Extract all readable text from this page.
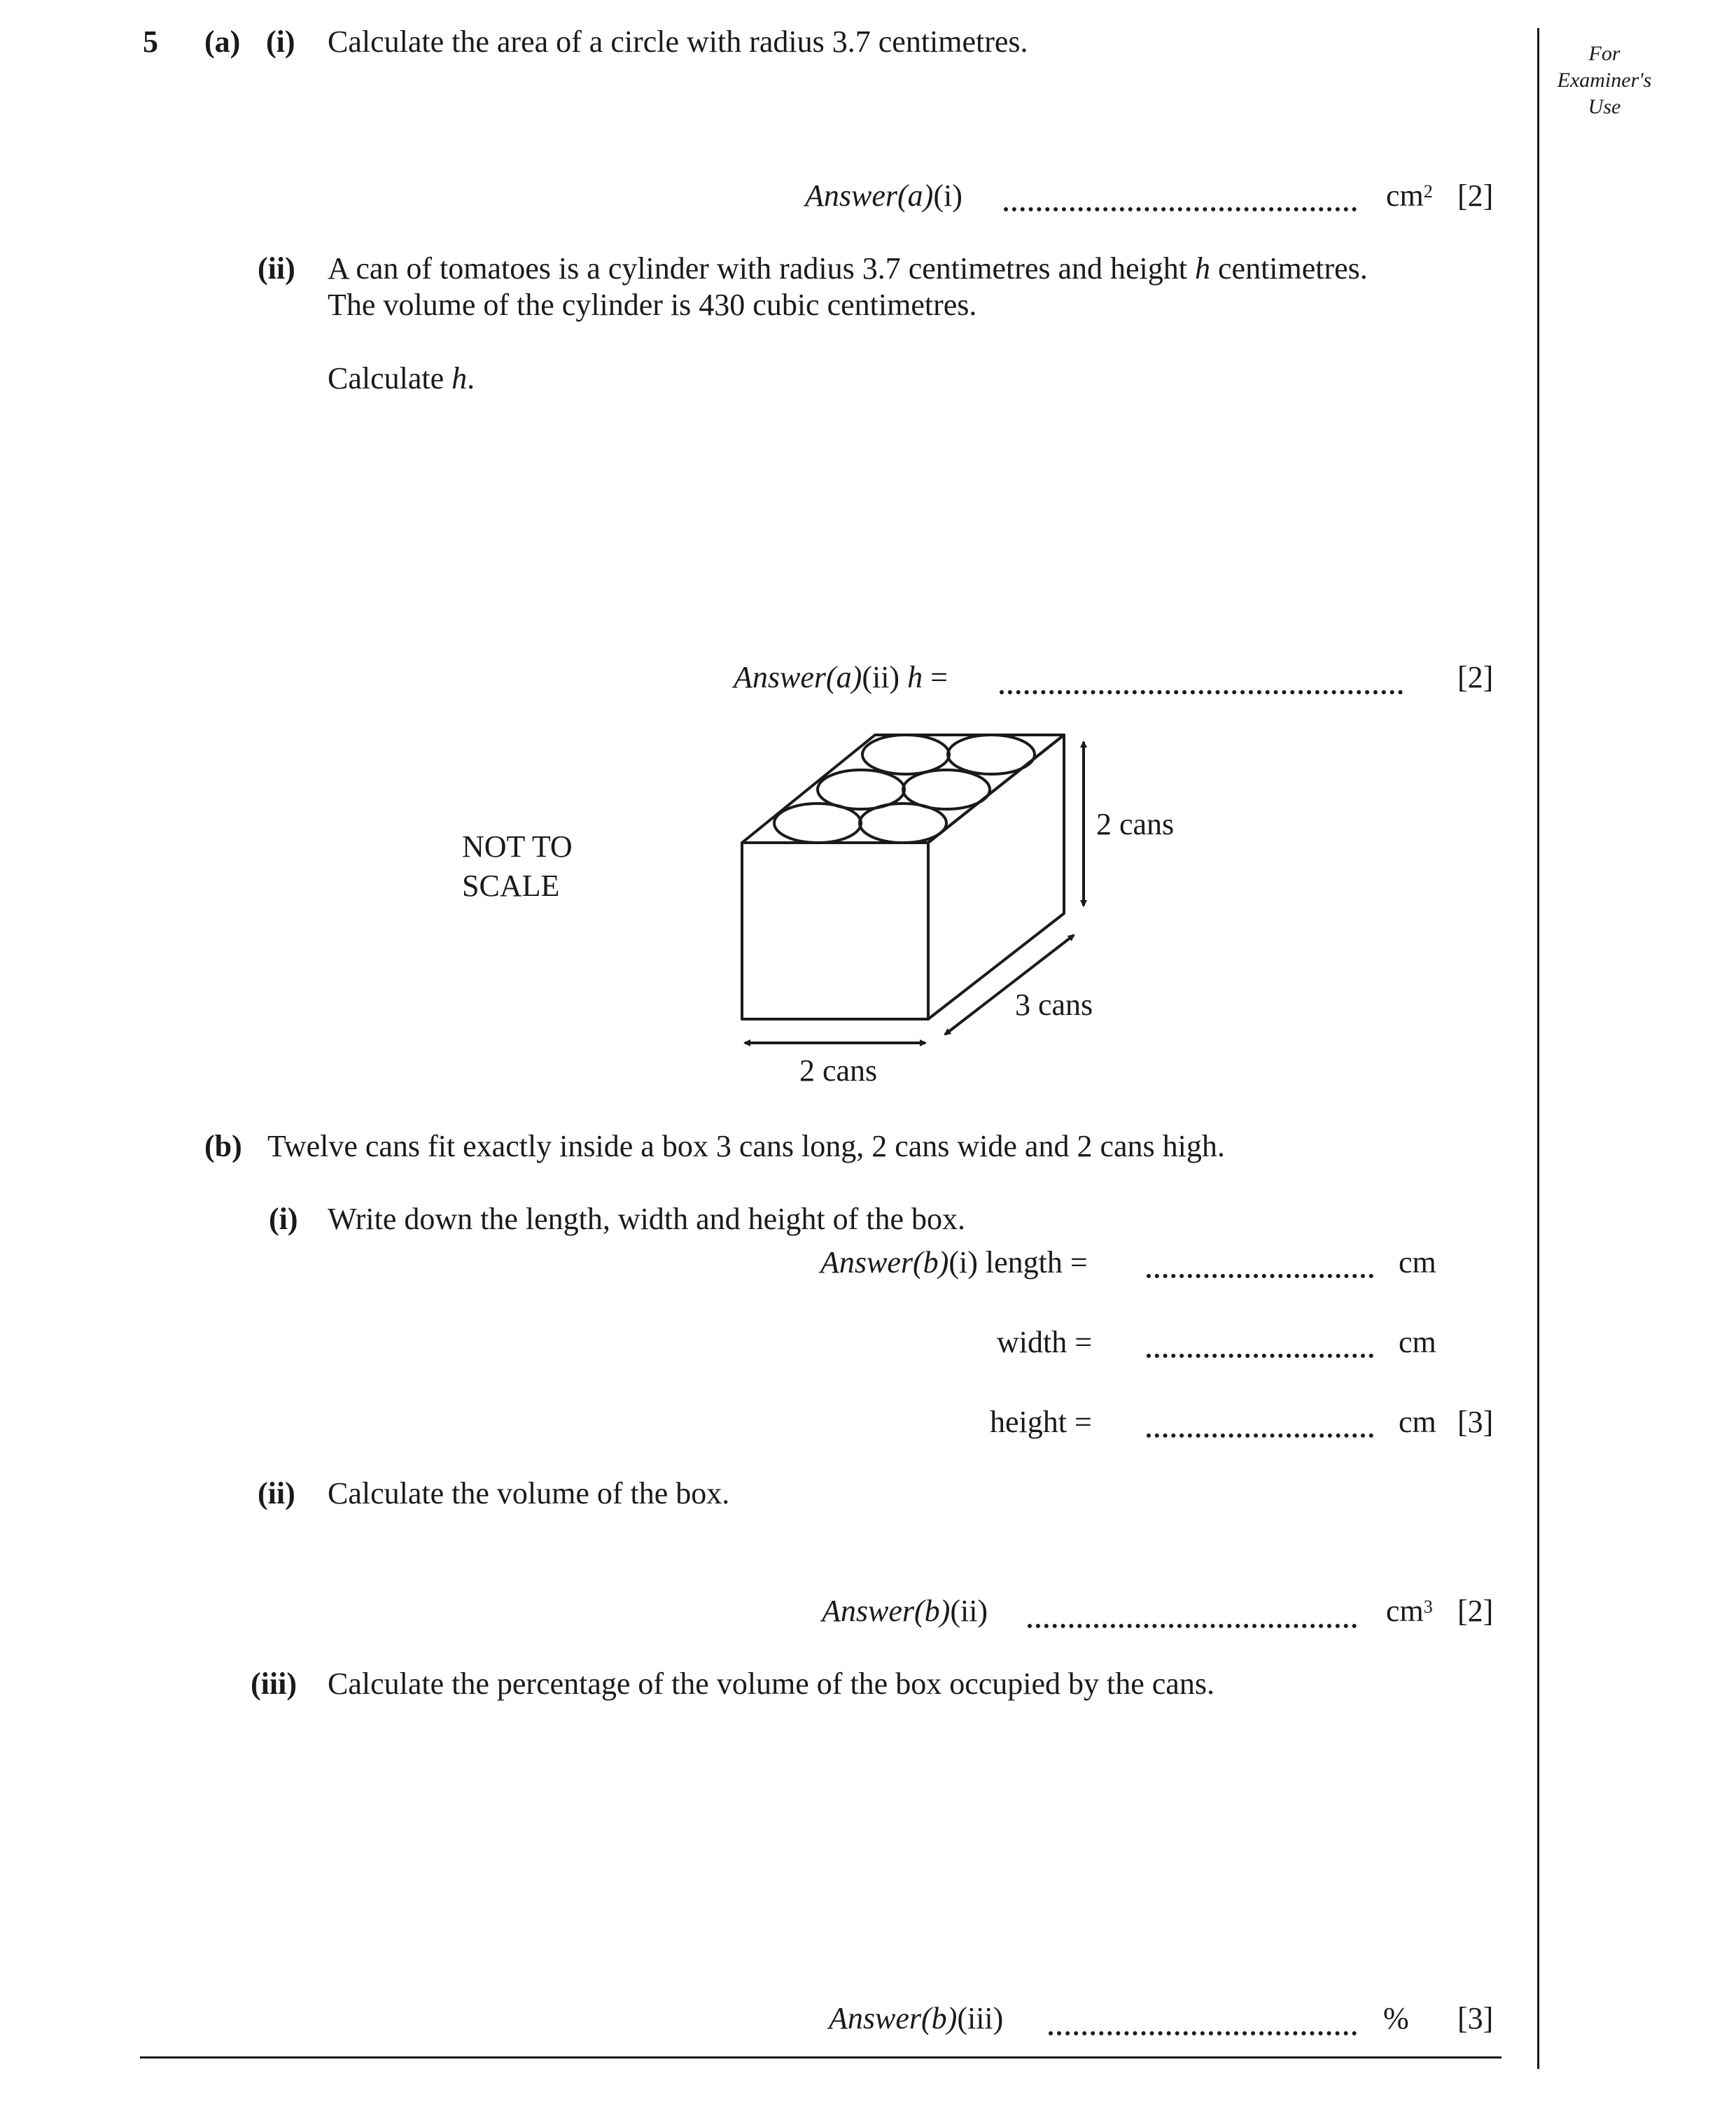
For
Examiner's
Use
5 (a) (i) Calculate the area of a circle with radius 3.7 centimetres.
Answer(a)(i)	$cm^2$ [2]
(ii) A can of tomatoes is a cylinder with radius 3.7 centimetres and height h centimetres.
The volume of the cylinder is 430 cubic centimetres.
Calculate h.
Answer(a)(ii) h =	[2]
NOT TO
SCALE
2 cans
3 cans
2 cans
(b) Twelve cans fit exactly inside a box 3 cans long, 2 cans wide and 2 cans high.
(i) Write down the length, width and height of the box.
Answer(b)(i) length =	cm
width =	cm
height =	cm [3]
(ii) Calculate the volume of the box.
Answer(b)(ii)	$cm^3$ [2]
(iii) Calculate the percentage of the volume of the box occupied by the cans.
Answer(b)(iii)	% [3]
